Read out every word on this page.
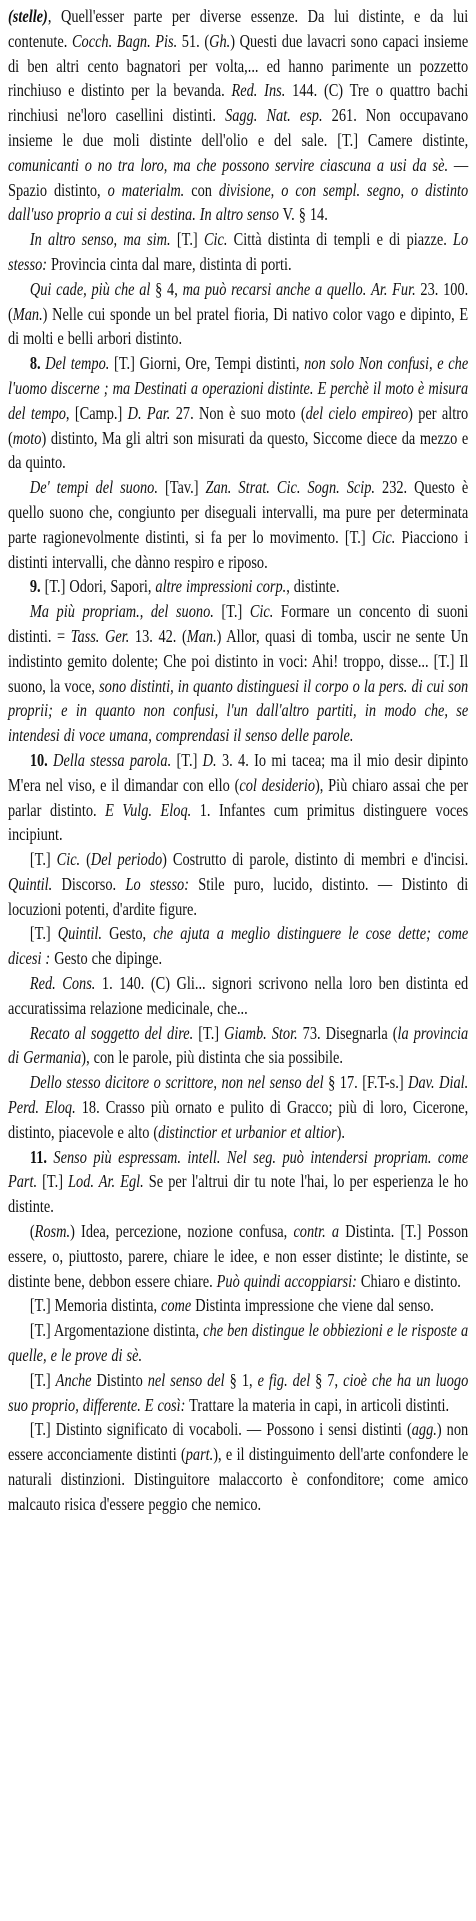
(stelle), Quell'esser parte per diverse essenze. Da lui distinte, e da lui contenute. Cocch. Bagn. Pis. 51. (Gh.) Questi due lavacri sono capaci insieme di ben altri cento bagnatori per volta,... ed hanno parimente un pozzetto rinchiuso e distinto per la bevanda. Red. Ins. 144. (C) Tre o quattro bachi rinchiusi ne'loro casellini distinti. Sagg. Nat. esp. 261. Non occupavano insieme le due moli distinte dell'olio e del sale. [T.] Camere distinte, comunicanti o no tra loro, ma che possono servire ciascuna a usi da sè. — Spazio distinto, o materialm. con divisione, o con sempl. segno, o distinto dall'uso proprio a cui si destina. In altro senso V. § 14.

In altro senso, ma sim. [T.] Cic. Città distinta di templi e di piazze. Lo stesso: Provincia cinta dal mare, distinta di porti.

Qui cade, più che al § 4, ma può recarsi anche a quello. Ar. Fur. 23. 100. (Man.) Nelle cui sponde un bel pratel fioria, Di nativo color vago e dipinto, E di molti e belli arbori distinto.

8. Del tempo. [T.] Giorni, Ore, Tempi distinti, non solo Non confusi, e che l'uomo discerne ; ma Destinati a operazioni distinte. E perchè il moto è misura del tempo, [Camp.] D. Par. 27. Non è suo moto (del cielo empireo) per altro (moto) distinto, Ma gli altri son misurati da questo, Siccome diece da mezzo e da quinto.

De' tempi del suono. [Tav.] Zan. Strat. Cic. Sogn. Scip. 232. Questo è quello suono che, congiunto per diseguali intervalli, ma pure per determinata parte ragionevolmente distinti, si fa per lo movimento. [T.] Cic. Piacciono i distinti intervalli, che dànno respiro e riposo.

9. [T.] Odori, Sapori, altre impressioni corp., distinte.

Ma più propriam., del suono. [T.] Cic. Formare un concento di suoni distinti. = Tass. Ger. 13. 42. (Man.) Allor, quasi di tomba, uscir ne sente Un indistinto gemito dolente; Che poi distinto in voci: Ahi! troppo, disse... [T.] Il suono, la voce, sono distinti, in quanto distinguesi il corpo o la pers. di cui son proprii; e in quanto non confusi, l'un dall'altro partiti, in modo che, se intendesi di voce umana, comprendasi il senso delle parole.

10. Della stessa parola. [T.] D. 3. 4. Io mi tacea; ma il mio desir dipinto M'era nel viso, e il dimandar con ello (col desiderio), Più chiaro assai che per parlar distinto. E Vulg. Eloq. 1. Infantes cum primitus distinguere voces incipiunt.

[T.] Cic. (Del periodo) Costrutto di parole, distinto di membri e d'incisi. Quintil. Discorso. Lo stesso: Stile puro, lucido, distinto. — Distinto di locuzioni potenti, d'ardite figure.

[T.] Quintil. Gesto, che ajuta a meglio distinguere le cose dette; come dicesi : Gesto che dipinge.

Red. Cons. 1. 140. (C) Gli... signori scrivono nella loro ben distinta ed accuratissima relazione medicinale, che...

Recato al soggetto del dire. [T.] Giamb. Stor. 73. Disegnarla (la provincia di Germania), con le parole, più distinta che sia possibile.

Dello stesso dicitore o scrittore, non nel senso del § 17. [F.T-s.] Dav. Dial. Perd. Eloq. 18. Crasso più ornato e pulito di Gracco; più di loro, Cicerone, distinto, piacevole e alto (distinctior et urbanior et altior).

11. Senso più espressam. intell. Nel seg. può intendersi propriam. come Part. [T.] Lod. Ar. Egl. Se per l'altrui dir tu note l'hai, lo per esperienza le ho distinte.

(Rosm.) Idea, percezione, nozione confusa, contr. a Distinta. [T.] Posson essere, o, piuttosto, parere, chiare le idee, e non esser distinte; le distinte, se distinte bene, debbon essere chiare. Può quindi accoppiarsi: Chiaro e distinto.

[T.] Memoria distinta, come Distinta impressione che viene dal senso.

[T.] Argomentazione distinta, che ben distingue le obbiezioni e le risposte a quelle, e le prove di sè.

[T.] Anche Distinto nel senso del § 1, e fig. del § 7, cioè che ha un luogo suo proprio, differente. E così: Trattare la materia in capi, in articoli distinti.

[T.] Distinto significato di vocaboli. — Possono i sensi distinti (agg.) non essere acconciamente distinti (part.), e il distinguimento dell'arte confondere le naturali distinzioni. Distinguitore malaccorto è confonditore; come amico malcauto risica d'essere peggio che nemico.
